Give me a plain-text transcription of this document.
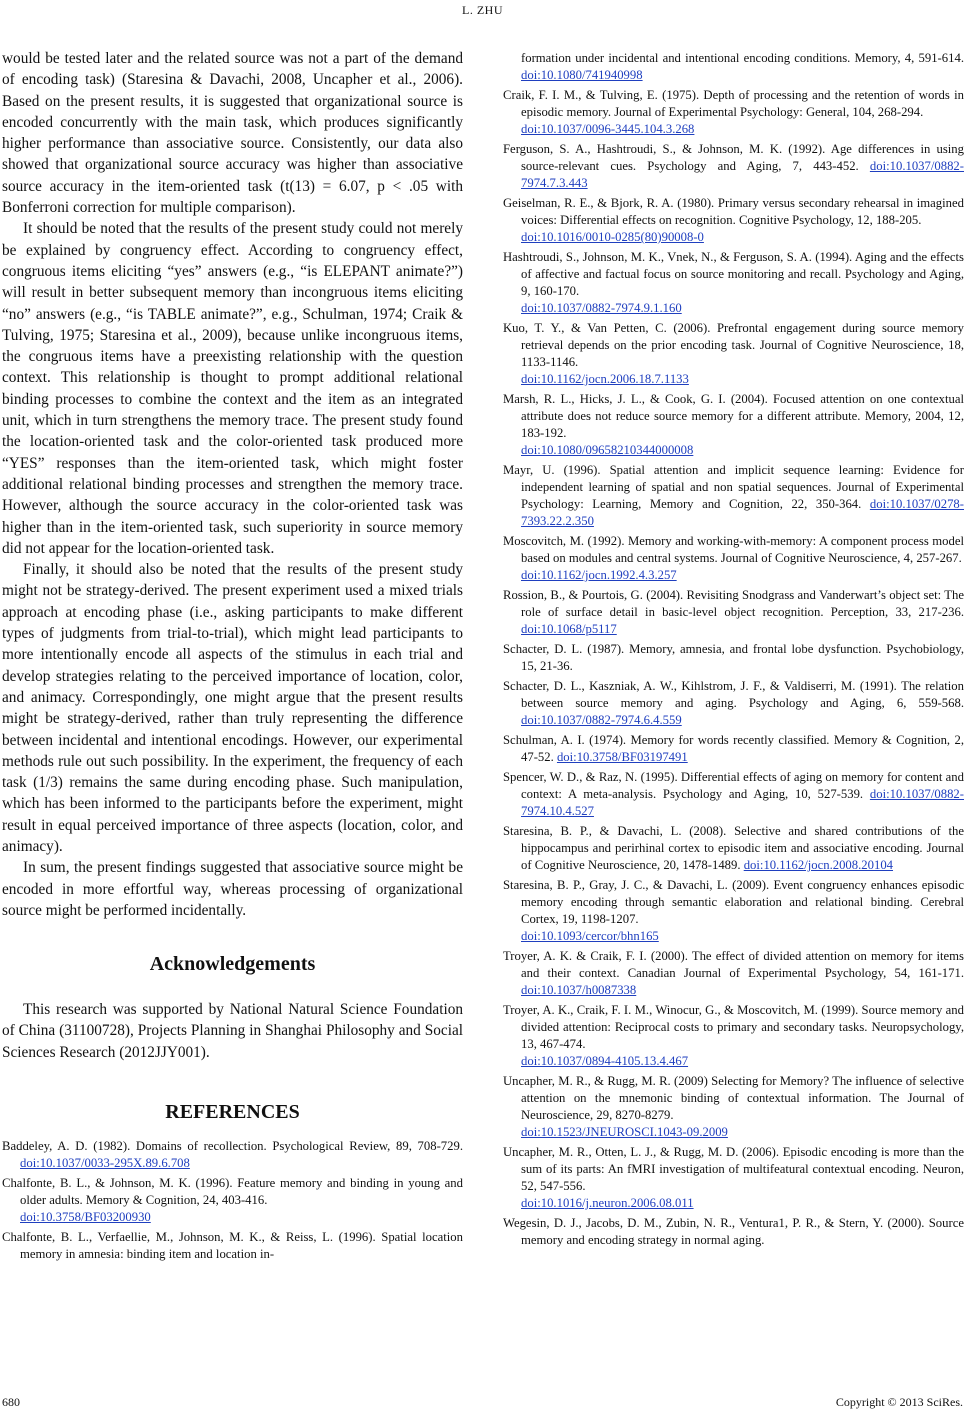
L. ZHU

would be tested later and the related source was not a part of the demand of encoding task) (Staresina & Davachi, 2008, Uncapher et al., 2006). Based on the present results, it is suggested that organizational source is encoded concurrently with the main task, which produces significantly higher performance than associative source. Consistently, our data also showed that organizational source accuracy was higher than associative source accuracy in the item-oriented task (t(13) = 6.07, p < .05 with Bonferroni correction for multiple comparison).

It should be noted that the results of the present study could not merely be explained by congruency effect. According to congruency effect, congruous items eliciting “yes” answers (e.g., “is ELEPANT animate?”) will result in better subsequent memory than incongruous items eliciting “no” answers (e.g., “is TABLE animate?”, e.g., Schulman, 1974; Craik & Tulving, 1975; Staresina et al., 2009), because unlike incongruous items, the congruous items have a preexisting relationship with the question context. This relationship is thought to prompt additional relational binding processes to combine the context and the item as an integrated unit, which in turn strengthens the memory trace. The present study found the location-oriented task and the color-oriented task produced more “YES” responses than the item-oriented task, which might foster additional relational binding processes and strengthen the memory trace. However, although the source accuracy in the color-oriented task was higher than in the item-oriented task, such superiority in source memory did not appear for the location-oriented task.

Finally, it should also be noted that the results of the present study might not be strategy-derived. The present experiment used a mixed trials approach at encoding phase (i.e., asking participants to make different types of judgments from trial-to-trial), which might lead participants to more intentionally encode all aspects of the stimulus in each trial and develop strategies relating to the perceived importance of location, color, and animacy. Correspondingly, one might argue that the present results might be strategy-derived, rather than truly representing the difference between incidental and intentional encodings. However, our experimental methods rule out such possibility. In the experiment, the frequency of each task (1/3) remains the same during encoding phase. Such manipulation, which has been informed to the participants before the experiment, might result in equal perceived importance of three aspects (location, color, and animacy).

In sum, the present findings suggested that associative source might be encoded in more effortful way, whereas processing of organizational source might be performed incidentally.

Acknowledgements

This research was supported by National Natural Science Foundation of China (31100728), Projects Planning in Shanghai Philosophy and Social Sciences Research (2012JJY001).

REFERENCES

Baddeley, A. D. (1982). Domains of recollection. Psychological Review, 89, 708-729. doi:10.1037/0033-295X.89.6.708

Chalfonte, B. L., & Johnson, M. K. (1996). Feature memory and binding in young and older adults. Memory & Cognition, 24, 403-416.
doi:10.3758/BF03200930

Chalfonte, B. L., Verfaellie, M., Johnson, M. K., & Reiss, L. (1996). Spatial location memory in amnesia: binding item and location in-

formation under incidental and intentional encoding conditions. Memory, 4, 591-614. doi:10.1080/741940998

Craik, F. I. M., & Tulving, E. (1975). Depth of processing and the retention of words in episodic memory. Journal of Experimental Psychology: General, 104, 268-294.
doi:10.1037/0096-3445.104.3.268

Ferguson, S. A., Hashtroudi, S., & Johnson, M. K. (1992). Age differences in using source-relevant cues. Psychology and Aging, 7, 443-452. doi:10.1037/0882-7974.7.3.443

Geiselman, R. E., & Bjork, R. A. (1980). Primary versus secondary rehearsal in imagined voices: Differential effects on recognition. Cognitive Psychology, 12, 188-205.
doi:10.1016/0010-0285(80)90008-0

Hashtroudi, S., Johnson, M. K., Vnek, N., & Ferguson, S. A. (1994). Aging and the effects of affective and factual focus on source monitoring and recall. Psychology and Aging, 9, 160-170.
doi:10.1037/0882-7974.9.1.160

Kuo, T. Y., & Van Petten, C. (2006). Prefrontal engagement during source memory retrieval depends on the prior encoding task. Journal of Cognitive Neuroscience, 18, 1133-1146.
doi:10.1162/jocn.2006.18.7.1133

Marsh, R. L., Hicks, J. L., & Cook, G. I. (2004). Focused attention on one contextual attribute does not reduce source memory for a different attribute. Memory, 2004, 12, 183-192.
doi:10.1080/09658210344000008

Mayr, U. (1996). Spatial attention and implicit sequence learning: Evidence for independent learning of spatial and non spatial sequences. Journal of Experimental Psychology: Learning, Memory and Cognition, 22, 350-364. doi:10.1037/0278-7393.22.2.350

Moscovitch, M. (1992). Memory and working-with-memory: A component process model based on modules and central systems. Journal of Cognitive Neuroscience, 4, 257-267.
doi:10.1162/jocn.1992.4.3.257

Rossion, B., & Pourtois, G. (2004). Revisiting Snodgrass and Vanderwart’s object set: The role of surface detail in basic-level object recognition. Perception, 33, 217-236. doi:10.1068/p5117

Schacter, D. L. (1987). Memory, amnesia, and frontal lobe dysfunction. Psychobiology, 15, 21-36.

Schacter, D. L., Kaszniak, A. W., Kihlstrom, J. F., & Valdiserri, M. (1991). The relation between source memory and aging. Psychology and Aging, 6, 559-568. doi:10.1037/0882-7974.6.4.559

Schulman, A. I. (1974). Memory for words recently classified. Memory & Cognition, 2, 47-52. doi:10.3758/BF03197491

Spencer, W. D., & Raz, N. (1995). Differential effects of aging on memory for content and context: A meta-analysis. Psychology and Aging, 10, 527-539. doi:10.1037/0882-7974.10.4.527

Staresina, B. P., & Davachi, L. (2008). Selective and shared contributions of the hippocampus and perirhinal cortex to episodic item and associative encoding. Journal of Cognitive Neuroscience, 20, 1478-1489. doi:10.1162/jocn.2008.20104

Staresina, B. P., Gray, J. C., & Davachi, L. (2009). Event congruency enhances episodic memory encoding through semantic elaboration and relational binding. Cerebral Cortex, 19, 1198-1207.
doi:10.1093/cercor/bhn165

Troyer, A. K. & Craik, F. I. (2000). The effect of divided attention on memory for items and their context. Canadian Journal of Experimental Psychology, 54, 161-171. doi:10.1037/h0087338

Troyer, A. K., Craik, F. I. M., Winocur, G., & Moscovitch, M. (1999). Source memory and divided attention: Reciprocal costs to primary and secondary tasks. Neuropsychology, 13, 467-474.
doi:10.1037/0894-4105.13.4.467

Uncapher, M. R., & Rugg, M. R. (2009) Selecting for Memory? The influence of selective attention on the mnemonic binding of contextual information. The Journal of Neuroscience, 29, 8270-8279.
doi:10.1523/JNEUROSCI.1043-09.2009

Uncapher, M. R., Otten, L. J., & Rugg, M. D. (2006). Episodic encoding is more than the sum of its parts: An fMRI investigation of multifeatural contextual encoding. Neuron, 52, 547-556.
doi:10.1016/j.neuron.2006.08.011

Wegesin, D. J., Jacobs, D. M., Zubin, N. R., Ventura1, P. R., & Stern, Y. (2000). Source memory and encoding strategy in normal aging.

680	Copyright © 2013 SciRes.
